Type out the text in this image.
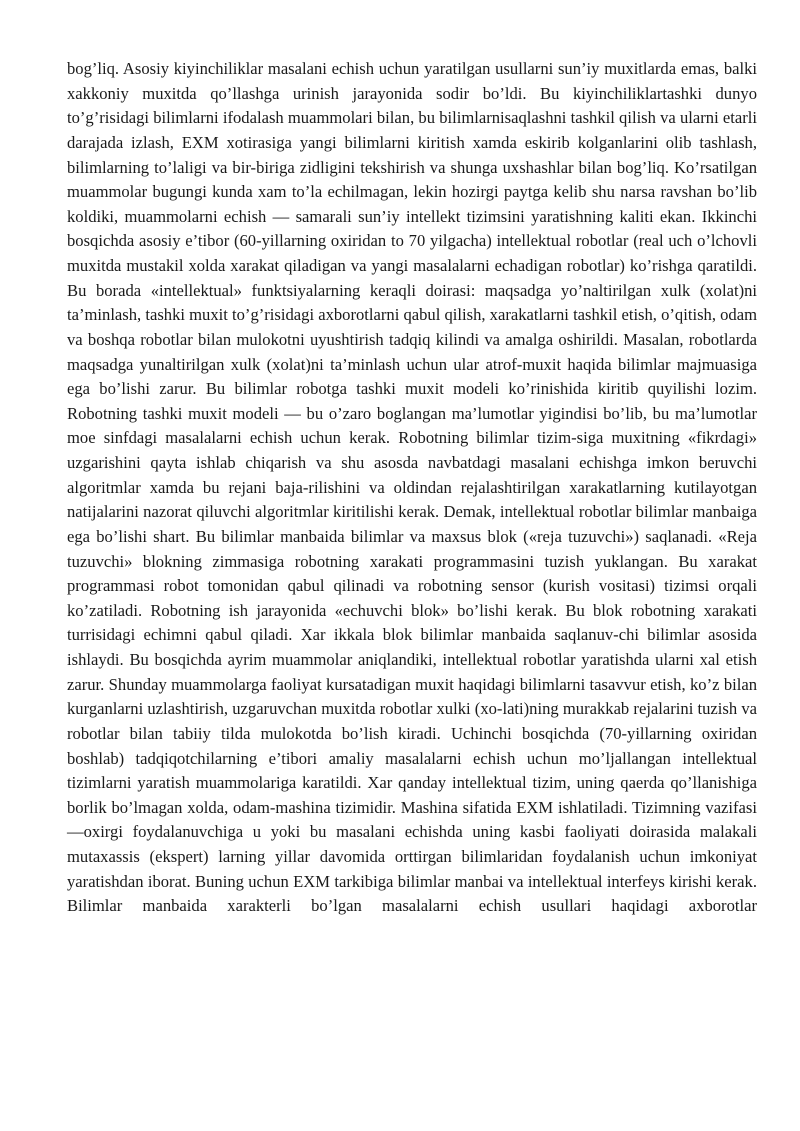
bog’liq. Asosiy kiyinchiliklar masalani echish uchun yaratilgan usullarni sun’iy muxitlarda emas, balki xakkoniy muxitda qo’llashga urinish jarayonida sodir bo’ldi. Bu kiyinchiliklartashki dunyo to’g’risidagi bilimlarni ifodalash muammolari bilan, bu bilimlarnisaqlashni tashkil qilish va ularni etarli darajada izlash, EXM xotirasiga yangi bilimlarni kiritish xamda eskirib kolganlarini olib tashlash, bilimlarning to’laligi va bir-biriga zidligini tekshirish va shunga uxshashlar bilan bog’liq. Ko’rsatilgan muammolar bugungi kunda xam to’la echilmagan, lekin hozirgi paytga kelib shu narsa ravshan bo’lib koldiki, muammolarni echish — samarali sun’iy intellekt tizimsini yaratishning kaliti ekan. Ikkinchi bosqichda asosiy e’tibor (60-yillarning oxiridan to 70 yilgacha) intellektual robotlar (real uch o’lchovli muxitda mustakil xolda xarakat qiladigan va yangi masalalarni echadigan robotlar) ko’rishga qaratildi. Bu borada «intellektual» funktsiyalarning keraqli doirasi: maqsadga yo’naltirilgan xulk (xolat)ni ta’minlash, tashki muxit to’g’risidagi axborotlarni qabul qilish, xarakatlarni tashkil etish, o’qitish, odam va boshqa robotlar bilan mulokotni uyushtirish tadqiq kilindi va amalga oshirildi. Masalan, robotlarda maqsadga yunaltirilgan xulk (xolat)ni ta’minlash uchun ular atrof-muxit haqida bilimlar majmuasiga ega bo’lishi zarur. Bu bilimlar robotga tashki muxit modeli ko’rinishida kiritib quyilishi lozim. Robotning tashki muxit modeli — bu o’zaro boglangan ma’lumotlar yigindisi bo’lib, bu ma’lumotlar moe sinfdagi masalalarni echish uchun kerak. Robotning bilimlar tizim-siga muxitning «fikrdagi» uzgarishini qayta ishlab chiqarish va shu asosda navbatdagi masalani echishga imkon beruvchi algoritmlar xamda bu rejani baja-rilishini va oldindan rejalashtirilgan xarakatlarning kutilayotgan natijalarini nazorat qiluvchi algoritmlar kiritilishi kerak. Demak, intellektual robotlar bilimlar manbaiga ega bo’lishi shart. Bu bilimlar manbaida bilimlar va maxsus blok («reja tuzuvchi») saqlanadi. «Reja tuzuvchi» blokning zimmasiga robotning xarakati programmasini tuzish yuklangan. Bu xarakat programmasi robot tomonidan qabul qilinadi va robotning sensor (kurish vositasi) tizimsi orqali ko’zatiladi. Robotning ish jarayonida «echuvchi blok» bo’lishi kerak. Bu blok robotning xarakati turrisidagi echimni qabul qiladi. Xar ikkala blok bilimlar manbaida saqlanuv-chi bilimlar asosida ishlaydi. Bu bosqichda ayrim muammolar aniqlandiki, intellektual robotlar yaratishda ularni xal etish zarur. Shunday muammolarga faoliyat kursatadigan muxit haqidagi bilimlarni tasavvur etish, ko’z bilan kurganlarni uzlashtirish, uzgaruvchan muxitda robotlar xulki (xo-lati)ning murakkab rejalarini tuzish va robotlar bilan tabiiy tilda mulokotda bo’lish kiradi. Uchinchi bosqichda (70-yillarning oxiridan boshlab) tadqiqotchilarning e’tibori amaliy masalalarni echish uchun mo’ljallangan intellektual tizimlarni yaratish muammolariga karatildi. Xar qanday intellektual tizim, uning qaerda qo’llanishiga borlik bo’lmagan xolda, odam-mashina tizimidir. Mashina sifatida EXM ishlatiladi. Tizimning vazifasi —oxirgi foydalanuvchiga u yoki bu masalani echishda uning kasbi faoliyati doirasida malakali mutaxassis (ekspert) larning yillar davomida orttirgan bilimlaridan foydalanish uchun imkoniyat yaratishdan iborat. Buning uchun EXM tarkibiga bilimlar manbai va intellektual interfeys kirishi kerak. Bilimlar manbaida xarakterli bo’lgan masalalarni echish usullari haqidagi axborotlar
